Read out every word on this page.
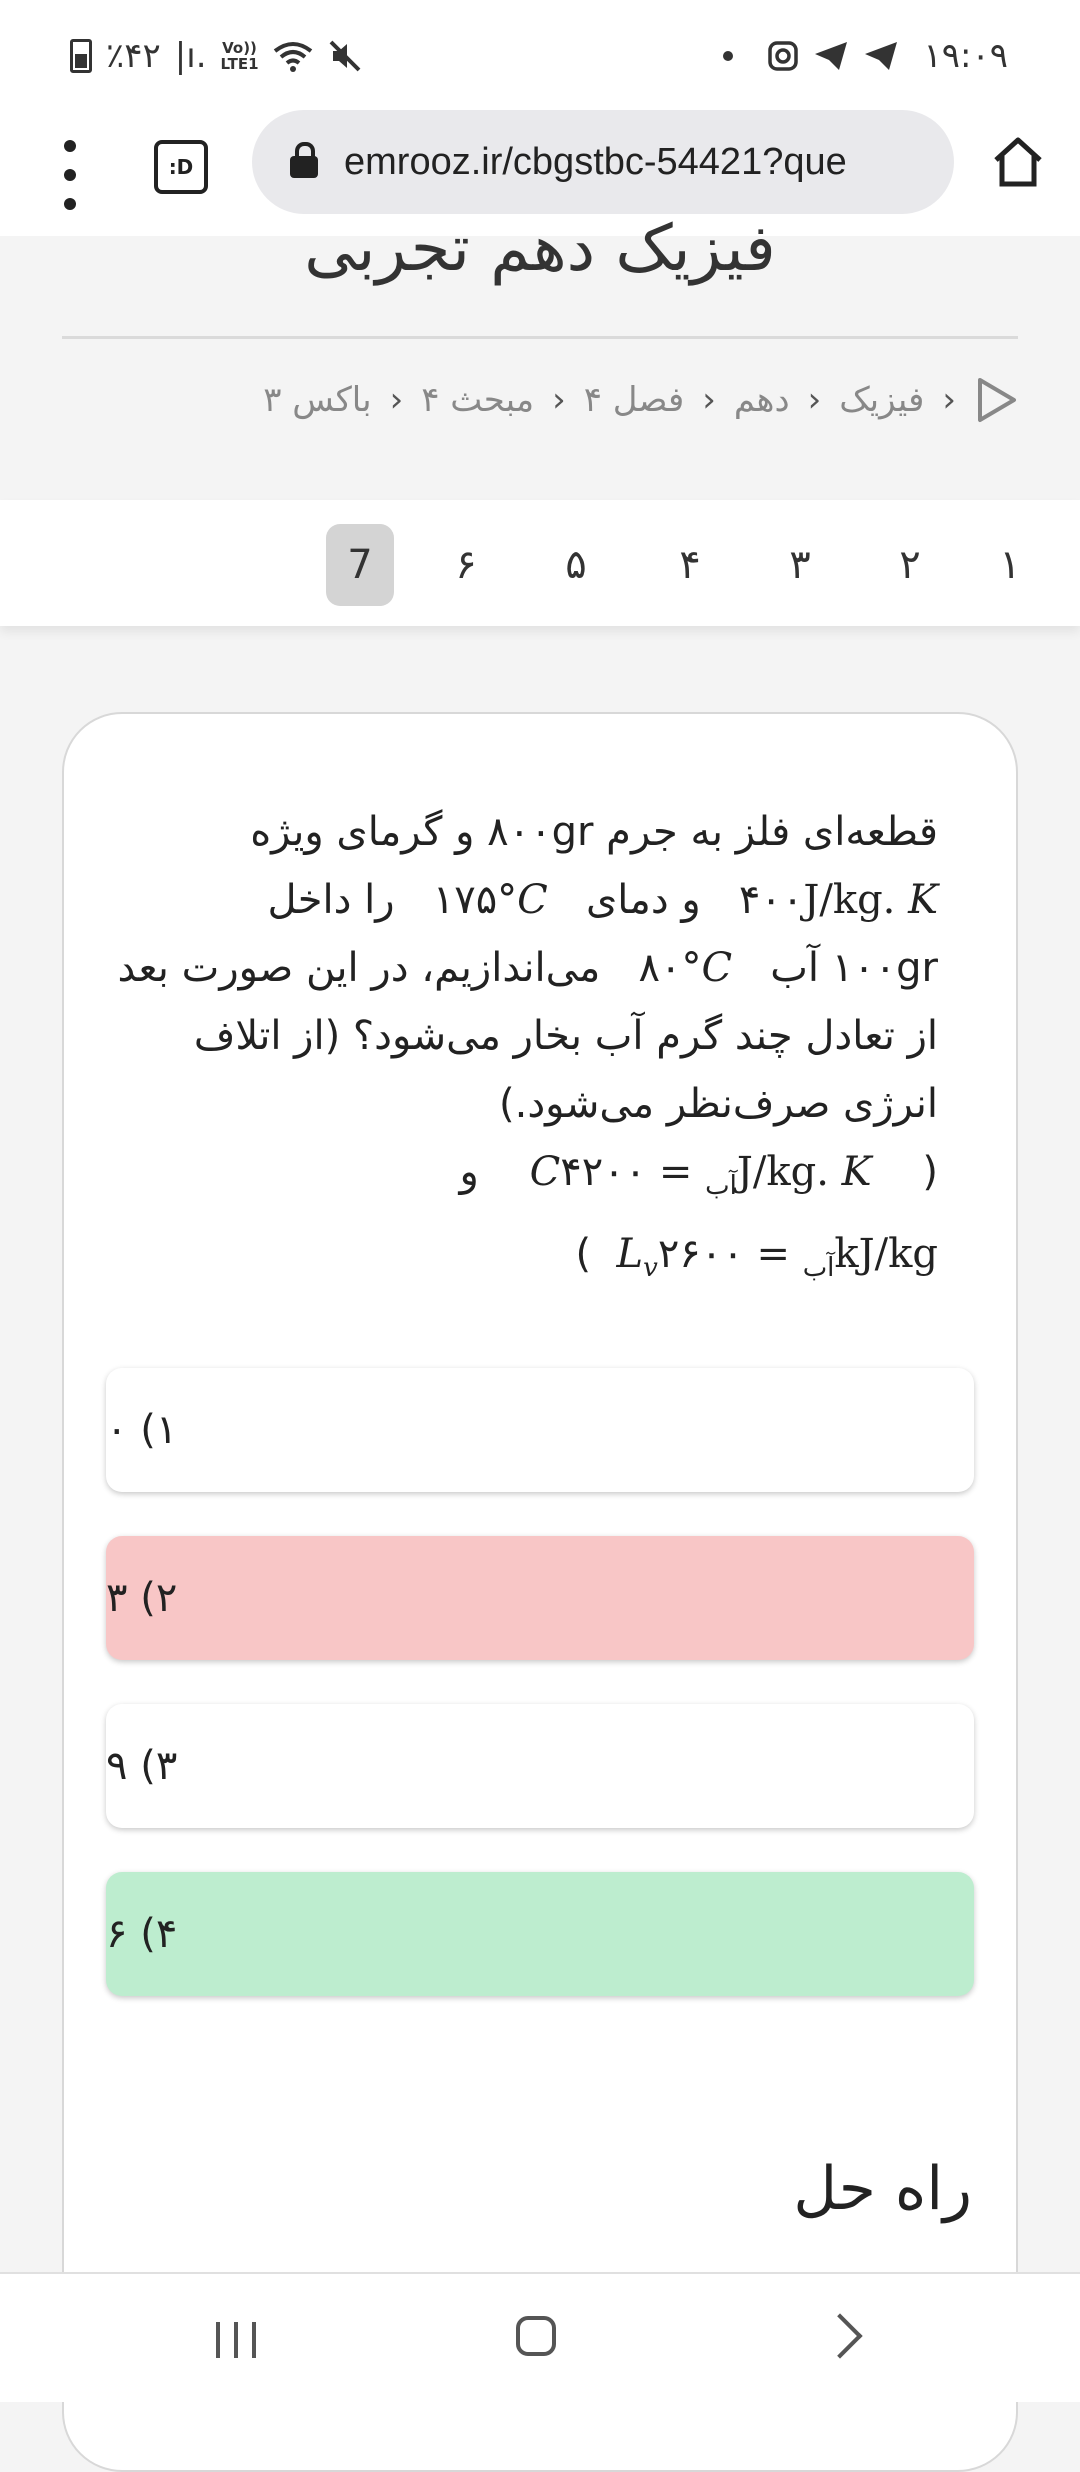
٪۴۲ |ı. Vo))
LTE1	۱۹:۰۹
:D	emrooz.ir/cbgstbc-54421?que
فیزیک دهم تجربی
‹
فیزیک
‹
دهم
‹
فصل ۴
‹
مبحث ۴
‹
باکس ۳
۱
۲
۳
۴
۵
۶
7
قطعه‌ای فلز به جرم ۸۰۰gr و گرمای ویژه
۴۰۰J/kg. K   و دمای   ۱۷۵°C   را داخل
۱۰۰gr آب   ۸۰°C   می‌اندازیم، در این صورت بعد
از تعادل چند گرم آب بخار می‌شود؟ (از اتلاف
انرژی صرف‌نظر می‌شود.)
(    C	$_{آب}$ = ۴۲۰۰J/kg. K    و
$L_v$	$_{آب}$ = ۲۶۰۰kJ/kg  )
۱) ۰
۲) ۳
۳) ۹
۴) ۶
راه حل
